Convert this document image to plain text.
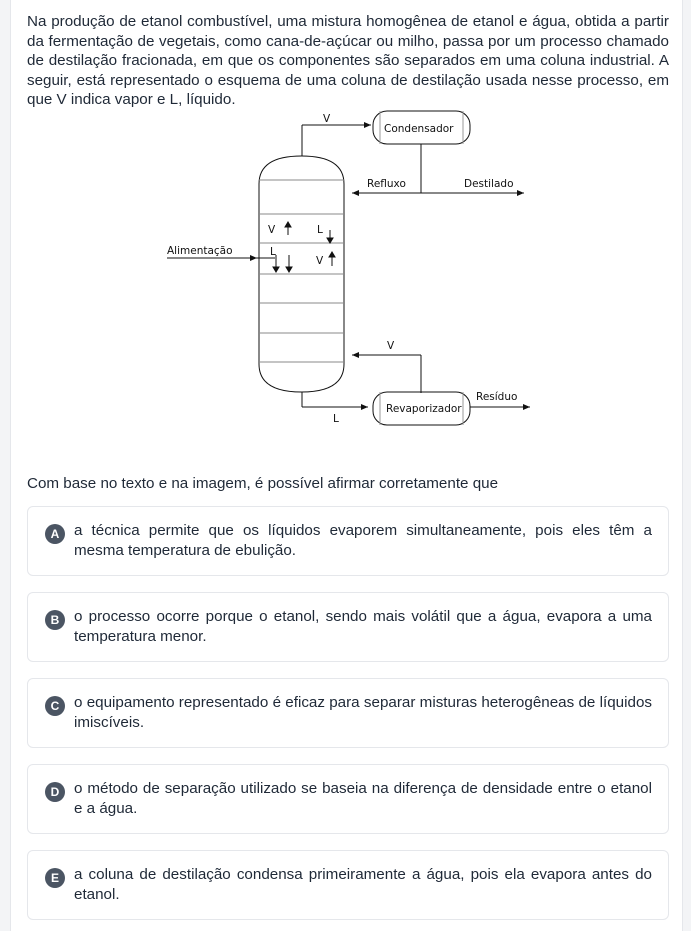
Na produção de etanol combustível, uma mistura homogênea de etanol e água, obtida a partir da fermentação de vegetais, como cana-de-açúcar ou milho, passa por um processo chamado de destilação fracionada, em que os componentes são separados em uma coluna industrial. A seguir, está representado o esquema de uma coluna de destilação usada nesse processo, em que V indica vapor e L, líquido.

Condensador
V
Refluxo	Destilado
V	L
L
V
Alimentação
V
L
Revaporizador
Resíduo

Com base no texto e na imagem, é possível afirmar corretamente que

A a técnica permite que os líquidos evaporem simultaneamente, pois eles têm a mesma temperatura de ebulição.

B o processo ocorre porque o etanol, sendo mais volátil que a água, evapora a uma temperatura menor.

C o equipamento representado é eficaz para separar misturas heterogêneas de líquidos imiscíveis.

D o método de separação utilizado se baseia na diferença de densidade entre o etanol e a água.

E a coluna de destilação condensa primeiramente a água, pois ela evapora antes do etanol.
